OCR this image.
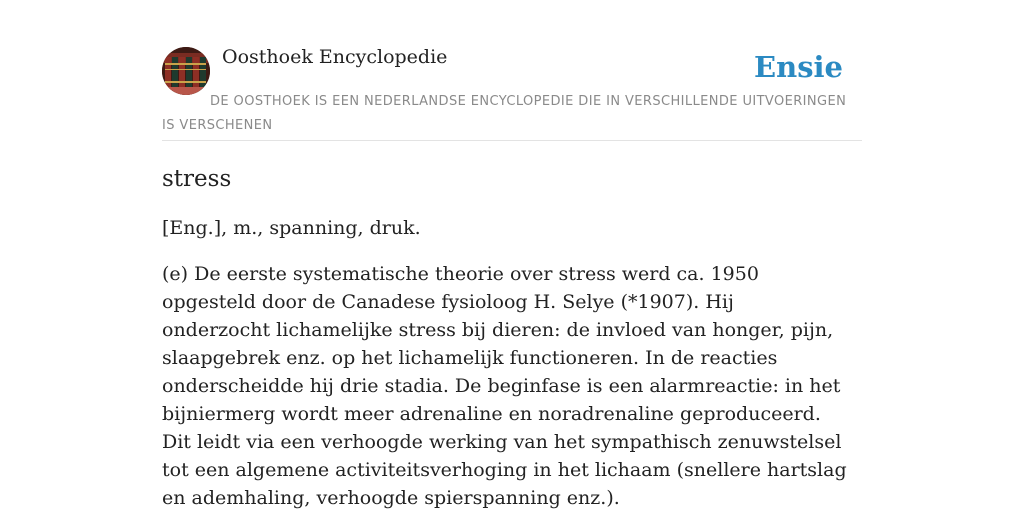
Oosthoek Encyclopedie	Ensie
DE OOSTHOEK IS EEN NEDERLANDSE ENCYCLOPEDIE DIE IN VERSCHILLENDE UITVOERINGEN IS VERSCHENEN
stress

[Eng.], m., spanning, druk.

(e) De eerste systematische theorie over stress werd ca. 1950 opgesteld door de Canadese fysioloog H. Selye (*1907). Hij onderzocht lichamelijke stress bij dieren: de invloed van honger, pijn, slaapgebrek enz. op het lichamelijk functioneren. In de reacties onderscheidde hij drie stadia. De beginfase is een alarmreactie: in het bijniermerg wordt meer adrenaline en noradrenaline geproduceerd. Dit leidt via een verhoogde werking van het sympathisch zenuwstelsel tot een algemene activiteitsverhoging in het lichaam (snellere hartslag en ademhaling, verhoogde spierspanning enz.).
